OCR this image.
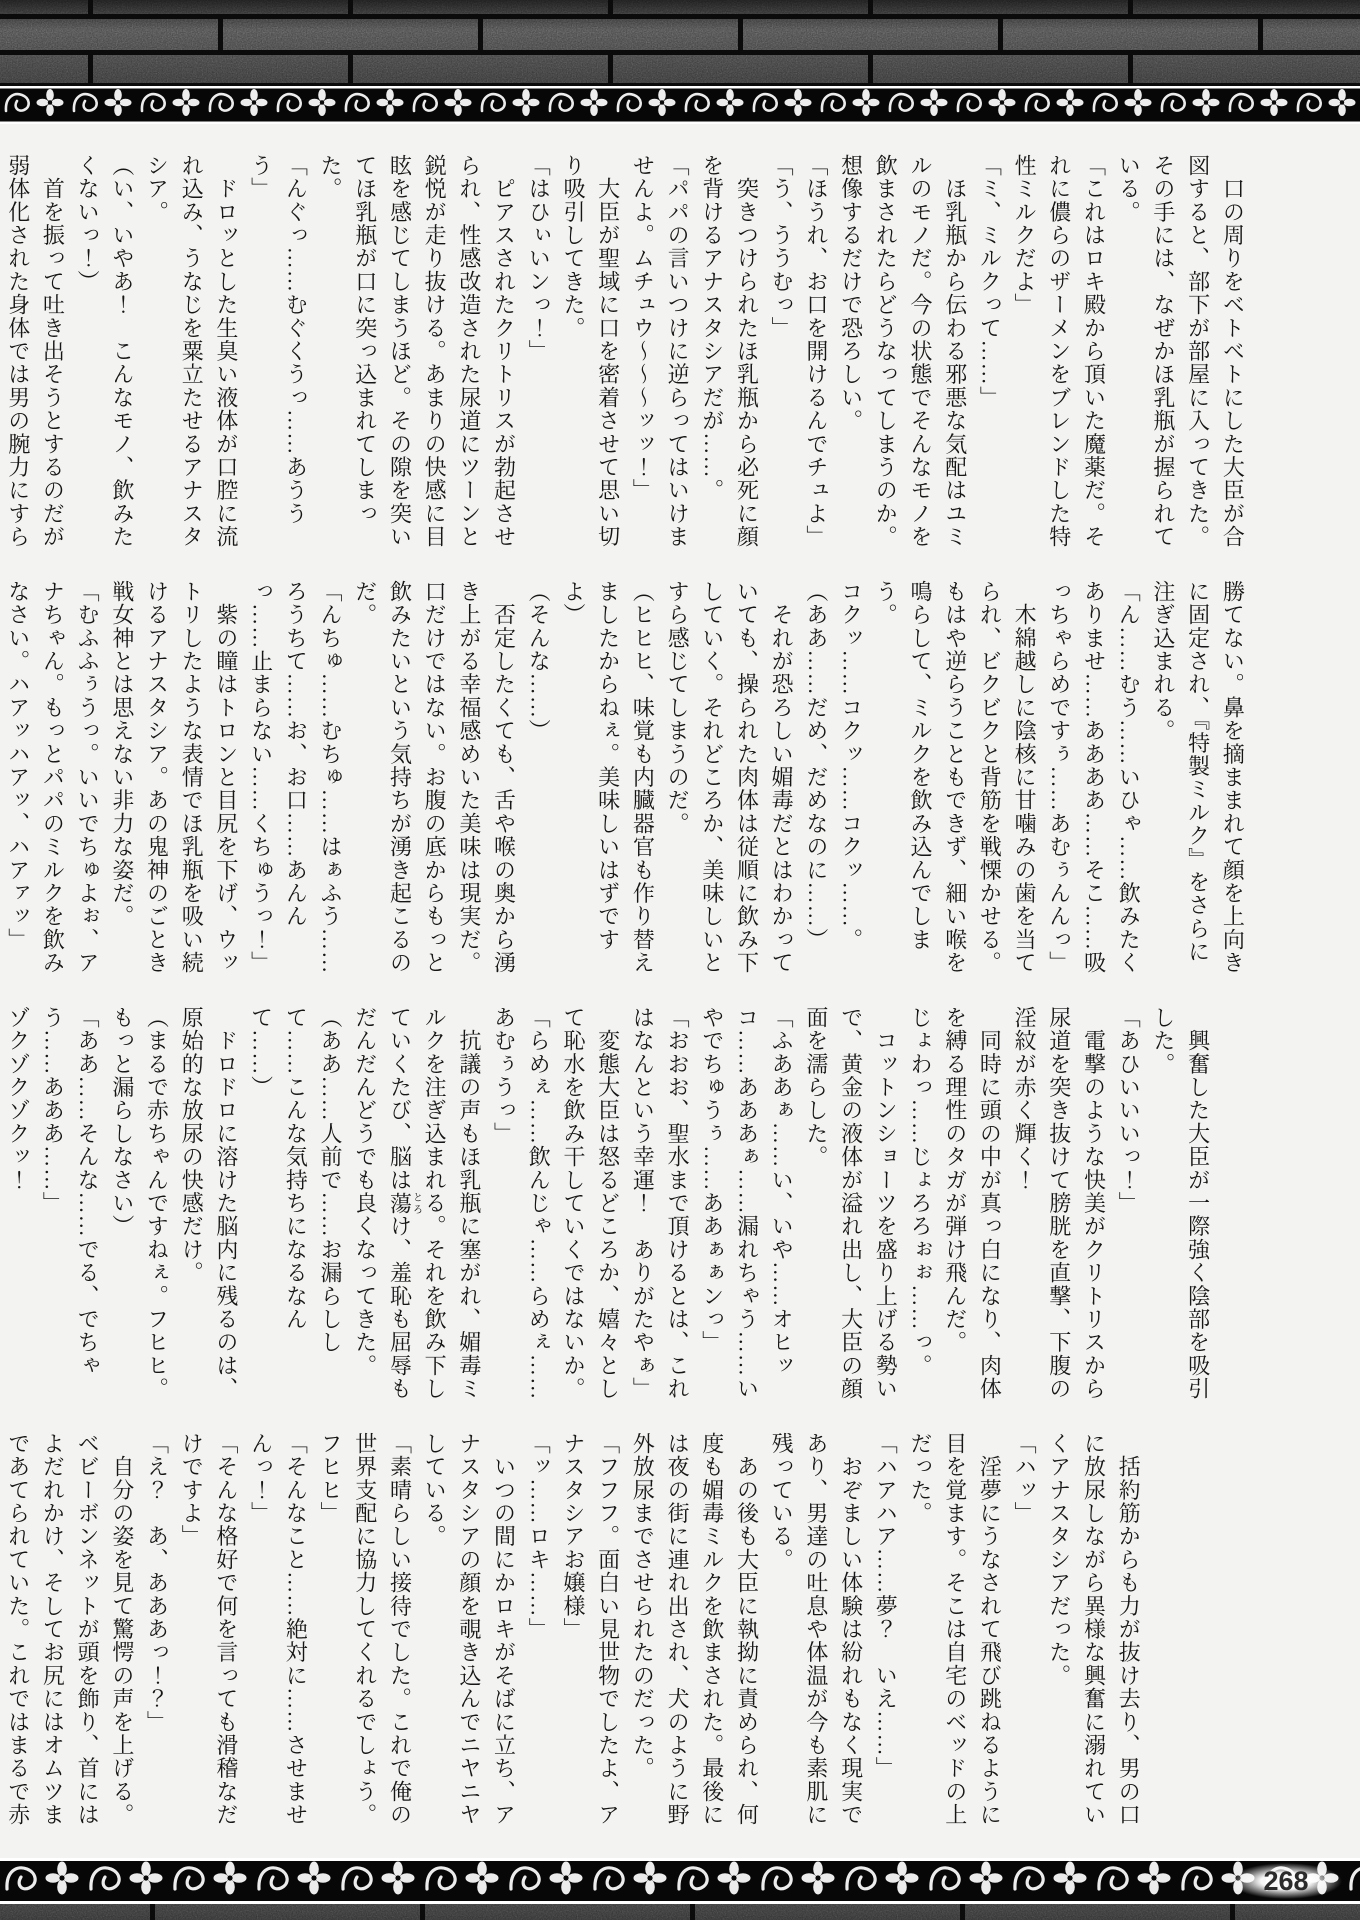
　口の周りをベトベトにした大臣が合図すると、部下が部屋に入ってきた。その手には、なぜかほ乳瓶が握られている。

「これはロキ殿から頂いた魔薬だ。それに儂らのザーメンをブレンドした特性ミルクだよ」

「ミ、ミルクって……」

　ほ乳瓶から伝わる邪悪な気配はユミルのモノだ。今の状態でそんなモノを飲まされたらどうなってしまうのか。想像するだけで恐ろしい。

「ほうれ、お口を開けるんでチュよ」

「う、ううむっ」

　突きつけられたほ乳瓶から必死に顔を背けるアナスタシアだが……。

「パパの言いつけに逆らってはいけませんよ。ムチュウ〜〜〜ッッ！」

　大臣が聖域に口を密着させて思い切り吸引してきた。

「はひぃいンっ！」

　ピアスされたクリトリスが勃起させられ、性感改造された尿道にツーンと鋭悦が走り抜ける。あまりの快感に目眩を感じてしまうほど。その隙を突いてほ乳瓶が口に突っ込まれてしまった。

「んぐっ……むぐくうっ……あううう」

　ドロッとした生臭い液体が口腔に流れ込み、うなじを粟立たせるアナスタシア。

（い、いやあ！　こんなモノ、飲みたくないっ！）

　首を振って吐き出そうとするのだが弱体化された身体では男の腕力にすら

勝てない。鼻を摘ままれて顔を上向きに固定され、『特製ミルク』をさらに注ぎ込まれる。

「ん……むう……いひゃ……飲みたくありませ……ああああ……そこ……吸っちゃらめですぅ……あむぅんんっ」

　木綿越しに陰核に甘噛みの歯を当てられ、ビクビクと背筋を戦慄かせる。もはや逆らうこともできず、細い喉を鳴らして、ミルクを飲み込んでしまう。

コクッ……コクッ……コクッ……。

（ああ……だめ、だめなのに……）

　それが恐ろしい媚毒だとはわかっていても、操られた肉体は従順に飲み下していく。それどころか、美味しいとすら感じてしまうのだ。

（ヒヒヒ、味覚も内臓器官も作り替えましたからねぇ。美味しいはずですよ）

（そんな……）

　否定したくても、舌や喉の奥から湧き上がる幸福感めいた美味は現実だ。口だけではない。お腹の底からもっと飲みたいという気持ちが湧き起こるのだ。

「んちゅ……むちゅ……はぁふう……ろうちて……お、お口……あんんっ……止まらない……くちゅうっ！」

　紫の瞳はトロンと目尻を下げ、ウットリしたような表情でほ乳瓶を吸い続けるアナスタシア。あの鬼神のごとき戦女神とは思えない非力な姿だ。

「むふふぅうっ。いいでちゅよぉ、アナちゃん。もっとパパのミルクを飲みなさい。ハアッハアッ、ハアァッ」

　興奮した大臣が一際強く陰部を吸引した。

「あひいいいっ！」

　電撃のような快美がクリトリスから尿道を突き抜けて膀胱を直撃、下腹の淫紋が赤く輝く！

　同時に頭の中が真っ白になり、肉体を縛る理性のタガが弾け飛んだ。

じょわっ……じょろろぉぉ……っ。

　コットンショーツを盛り上げる勢いで、黄金の液体が溢れ出し、大臣の顔面を濡らした。

「ふああぁ……い、いや……オヒッコ……あああぁ……漏れちゃう……いやでちゅうぅ……ああぁぁンっ」

「おおお、聖水まで頂けるとは、これはなんという幸運！　ありがたやぁ」

　変態大臣は怒るどころか、嬉々として恥水を飲み干していくではないか。

「らめぇ……飲んじゃ……らめぇ……あむぅうっ」

　抗議の声もほ乳瓶に塞がれ、媚毒ミルクを注ぎ込まれる。それを飲み下していくたび、脳は蕩とろけ、羞恥も屈辱もだんだんどうでも良くなってきた。

（ああ……人前で……お漏らしして……こんな気持ちになるなんて……）

　ドロドロに溶けた脳内に残るのは、原始的な放尿の快感だけ。

（まるで赤ちゃんですねぇ。フヒヒ。もっと漏らしなさい）

「ああ……そんな……でる、でちゃう……あああ……」

ゾクゾクゾクッ！

　括約筋からも力が抜け去り、男の口に放尿しながら異様な興奮に溺れていくアナスタシアだった。

「ハッ」

　淫夢にうなされて飛び跳ねるように目を覚ます。そこは自宅のベッドの上だった。

「ハアハア……夢？　いえ……」

　おぞましい体験は紛れもなく現実であり、男達の吐息や体温が今も素肌に残っている。

　あの後も大臣に執拗に責められ、何度も媚毒ミルクを飲まされた。最後には夜の街に連れ出され、犬のように野外放尿までさせられたのだった。

「フフフ。面白い見世物でしたよ、アナスタシアお嬢様」

「ッ……ロキ……」

　いつの間にかロキがそばに立ち、アナスタシアの顔を覗き込んでニヤニヤしている。

「素晴らしい接待でした。これで俺の世界支配に協力してくれるでしょう。フヒヒ」

「そんなこと……絶対に……させませんっ！」

「そんな格好で何を言っても滑稽なだけですよ」

「え？　あ、あああっ！？」

　自分の姿を見て驚愕の声を上げる。ベビーボンネットが頭を飾り、首にはよだれかけ、そしてお尻にはオムツまであてられていた。これではまるで赤

268
